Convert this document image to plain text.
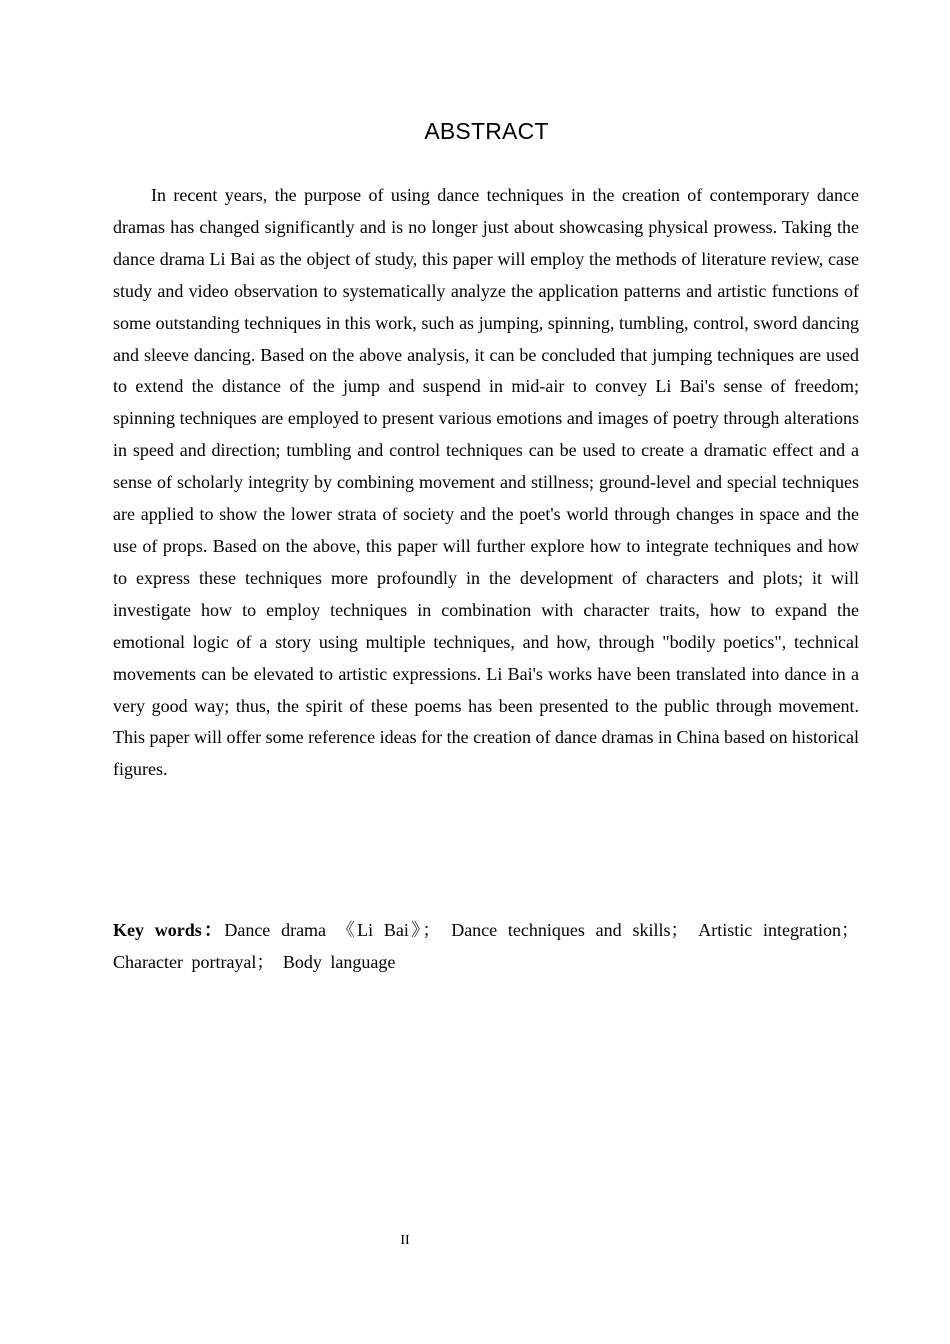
ABSTRACT

In recent years, the purpose of using dance techniques in the creation of contemporary dance dramas has changed significantly and is no longer just about showcasing physical prowess. Taking the dance drama Li Bai as the object of study, this paper will employ the methods of literature review, case study and video observation to systematically analyze the application patterns and artistic functions of some outstanding techniques in this work, such as jumping, spinning, tumbling, control, sword dancing and sleeve dancing. Based on the above analysis, it can be concluded that jumping techniques are used to extend the distance of the jump and suspend in mid-air to convey Li Bai's sense of freedom; spinning techniques are employed to present various emotions and images of poetry through alterations in speed and direction; tumbling and control techniques can be used to create a dramatic effect and a sense of scholarly integrity by combining movement and stillness; ground-level and special techniques are applied to show the lower strata of society and the poet's world through changes in space and the use of props. Based on the above, this paper will further explore how to integrate techniques and how to express these techniques more profoundly in the development of characters and plots; it will investigate how to employ techniques in combination with character traits, how to expand the emotional logic of a story using multiple techniques, and how, through "bodily poetics", technical movements can be elevated to artistic expressions. Li Bai's works have been translated into dance in a very good way; thus, the spirit of these poems has been presented to the public through movement. This paper will offer some reference ideas for the creation of dance dramas in China based on historical figures.

Key words：Dance drama 《Li Bai》； Dance techniques and skills； Artistic integration； Character portrayal； Body language

II
